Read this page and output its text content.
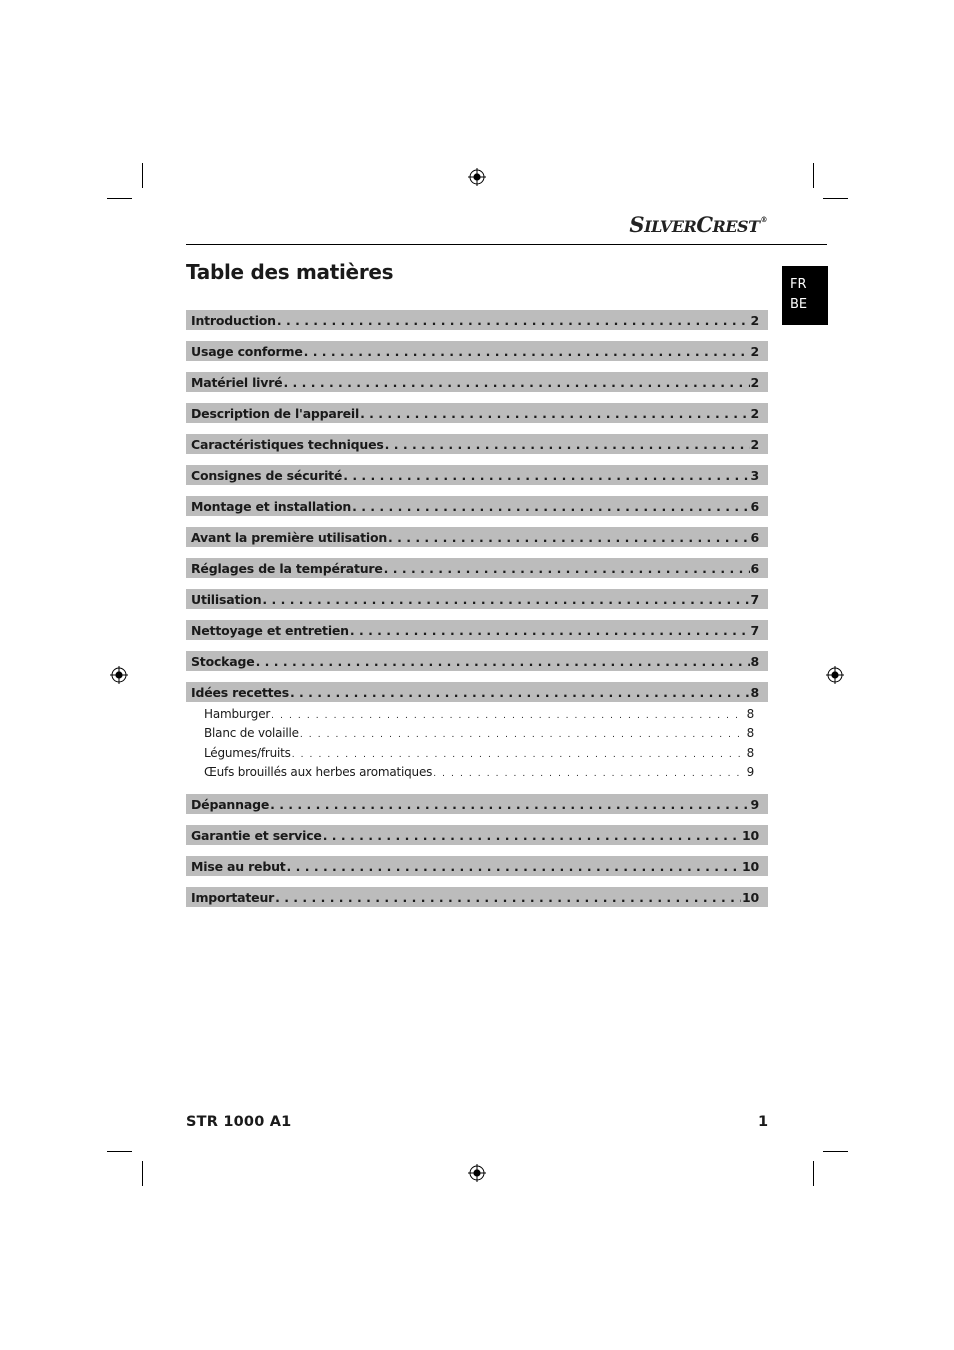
SILVERCREST®
FR
BE
Table des matières
Introduction . . .	2
Usage conforme . . .	2
Matériel livré . . .	2
Description de l'appareil . . .	2
Caractéristiques techniques . . .	2
Consignes de sécurité . . .	3
Montage et installation . . .	6
Avant la première utilisation . . .	6
Réglages de la température . . .	6
Utilisation . . .	7
Nettoyage et entretien . . .	7
Stockage . . .	8
Idées recettes . . .	8
Hamburger . . .	8
Blanc de volaille . . .	8
Légumes/fruits . . .	8
Œufs brouillés aux herbes aromatiques . . .	9
Dépannage . . .	9
Garantie et service . . .	10
Mise au rebut . . .	10
Importateur . . .	10
STR 1000 A1	1
